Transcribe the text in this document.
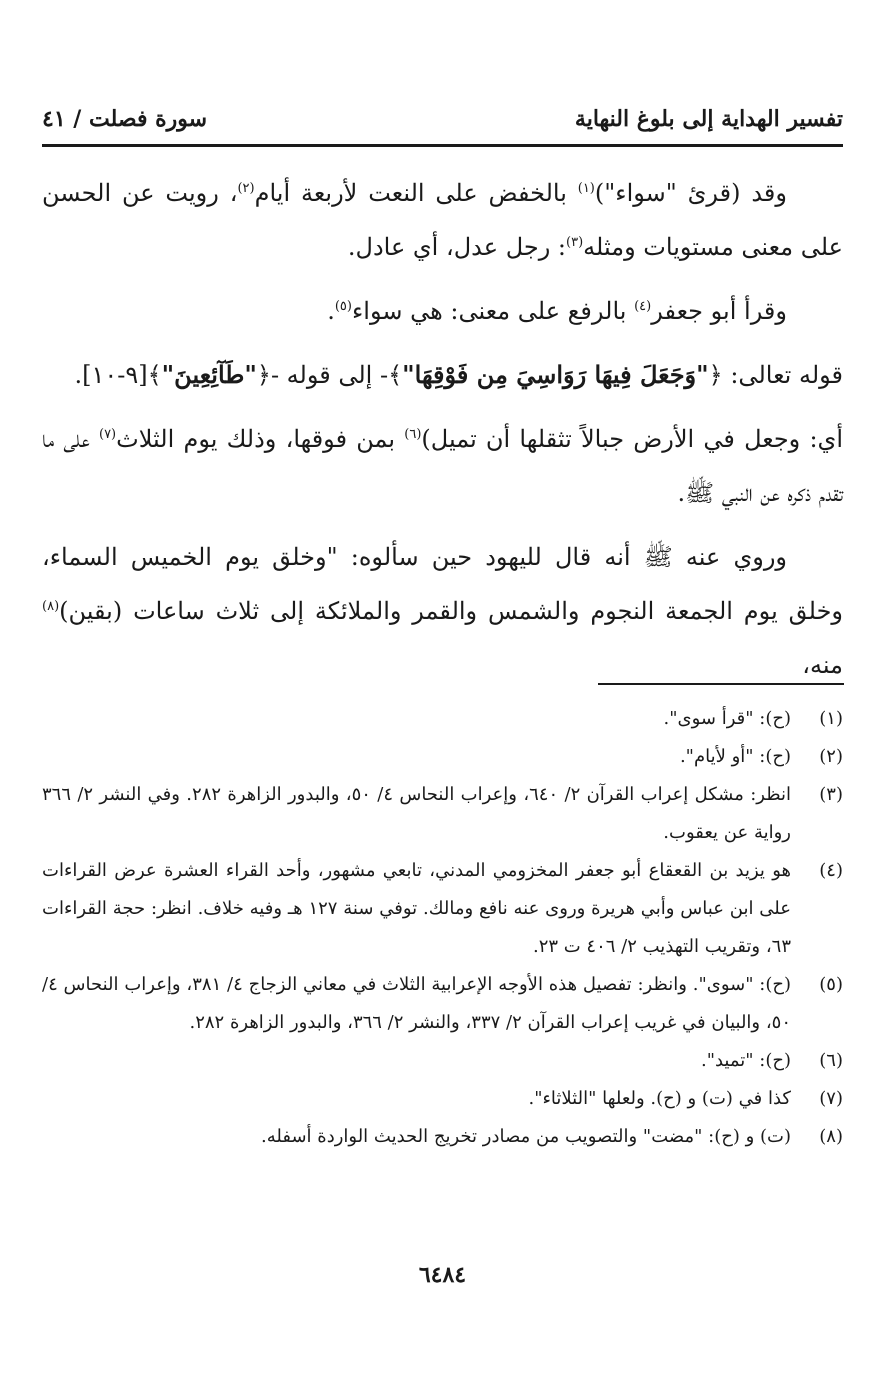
تفسير الهداية إلى بلوغ النهاية
سورة فصلت / ٤١

وقد (قرئ "سواء")$^{(١)}$ بالخفض على النعت لأربعة أيام$^{(٢)}$، رويت عن الحسن على معنى مستويات ومثله$^{(٣)}$: رجل عدل، أي عادل.

وقرأ أبو جعفر$^{(٤)}$ بالرفع على معنى: هي سواء$^{(٥)}$.

قوله تعالى: ﴿"وَجَعَلَ فِيهَا رَوَاسِيَ مِن فَوْقِهَا"﴾- إلى قوله -﴿"طَآئِعِينَ"﴾[٩-١٠].

أي: وجعل في الأرض جبالاً تثقلها أن تميل)$^{(٦)}$ بمن فوقها، وذلك يوم الثلاث$^{(٧)}$ على ما تقدم ذكره عن النبي ﷺ.

وروي عنه ﷺ أنه قال لليهود حين سألوه: "وخلق يوم الخميس السماء، وخلق يوم الجمعة النجوم والشمس والقمر والملائكة إلى ثلاث ساعات (بقين)$^{(٨)}$ منه،

(١)
(ح): "قرأ سوى".
(٢)
(ح): "أو لأيام".
(٣)
انظر: مشكل إعراب القرآن ٢/ ٦٤٠، وإعراب النحاس ٤/ ٥٠، والبدور الزاهرة ٢٨٢. وفي النشر ٢/ ٣٦٦ رواية عن يعقوب.
(٤)
هو يزيد بن القعقاع أبو جعفر المخزومي المدني، تابعي مشهور، وأحد القراء العشرة عرض القراءات على ابن عباس وأبي هريرة وروى عنه نافع ومالك. توفي سنة ١٢٧ هـ وفيه خلاف. انظر: حجة القراءات ٦٣، وتقريب التهذيب ٢/ ٤٠٦ ت ٢٣.
(٥)
(ح): "سوى". وانظر: تفصيل هذه الأوجه الإعرابية الثلاث في معاني الزجاج ٤/ ٣٨١، وإعراب النحاس ٤/ ٥٠، والبيان في غريب إعراب القرآن ٢/ ٣٣٧، والنشر ٢/ ٣٦٦، والبدور الزاهرة ٢٨٢.
(٦)
(ح): "تميد".
(٧)
كذا في (ت) و (ح). ولعلها "الثلاثاء".
(٨)
(ت) و (ح): "مضت" والتصويب من مصادر تخريج الحديث الواردة أسفله.
٦٤٨٤
